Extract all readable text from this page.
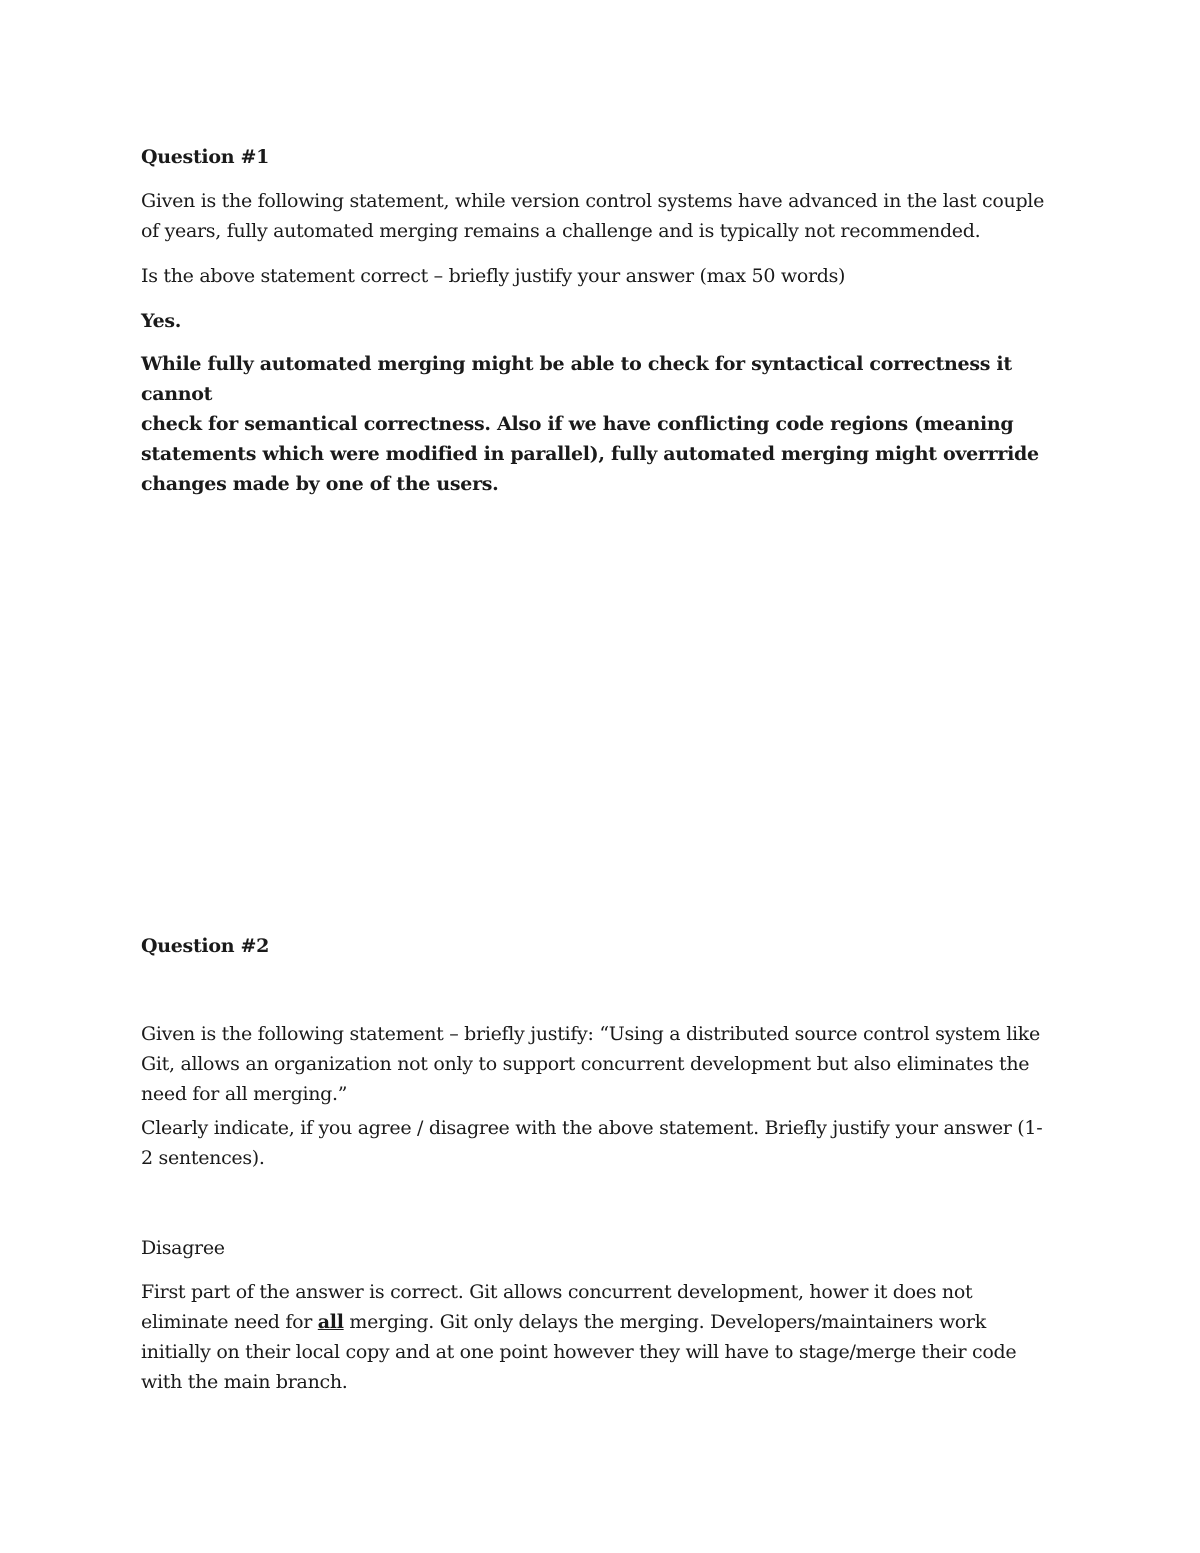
Question #1

Given is the following statement, while version control systems have advanced in the last couple
of years, fully automated merging remains a challenge and is typically not recommended.

Is the above statement correct – briefly justify your answer (max 50 words)

Yes.

While fully automated merging might be able to check for syntactical correctness it cannot
check for semantical correctness. Also if we have conflicting code regions (meaning
statements which were modified in parallel), fully automated merging might overrride
changes made by one of the users.

Question #2

Given is the following statement – briefly justify: “Using a distributed source control system like
Git, allows an organization not only to support concurrent development but also eliminates the
need for all merging.”
Clearly indicate, if you agree / disagree with the above statement. Briefly justify your answer (1-
2 sentences).

Disagree

First part of the answer is correct. Git allows concurrent development, hower it does not
eliminate need for all merging. Git only delays the merging. Developers/maintainers work
initially on their local copy and at one point however they will have to stage/merge their code
with the main branch.
